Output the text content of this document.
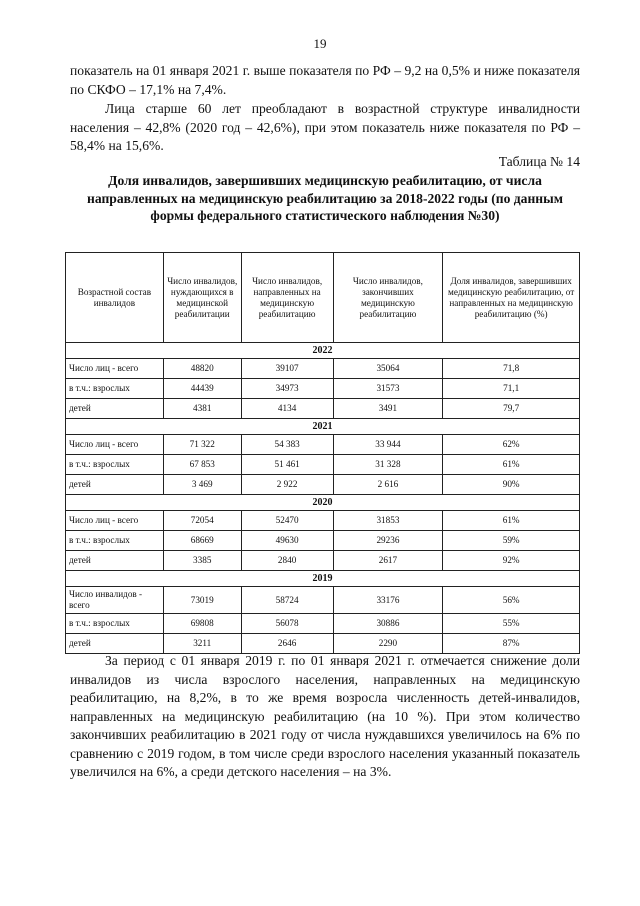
19

показатель на 01 января 2021 г. выше показателя по РФ – 9,2 на 0,5% и ниже показателя по СКФО – 17,1% на 7,4%.

Лица старше 60 лет преобладают в возрастной структуре инвалидности населения – 42,8% (2020 год – 42,6%), при этом показатель ниже показателя по РФ – 58,4% на 15,6%.

Таблица № 14

Доля инвалидов, завершивших медицинскую реабилитацию, от числа направленных на медицинскую реабилитацию за 2018-2022 годы (по данным формы федерального статистического наблюдения №30)

Возрастной состав инвалидов	Число инвалидов, нуждающихся в медицинской реабилитации	Число инвалидов, направленных на медицинскую реабилитацию	Число инвалидов, закончивших медицинскую реабилитацию	Доля инвалидов, завершивших медицинскую реабилитацию, от направленных на медицинскую реабилитацию (%)
2022				
Число лиц - всего	48820	39107	35064	71,8
в т.ч.: взрослых	44439	34973	31573	71,1
детей	4381	4134	3491	79,7
2021				
Число лиц - всего	71 322	54 383	33 944	62%
в т.ч.: взрослых	67 853	51 461	31 328	61%
детей	3 469	2 922	2 616	90%
2020				
Число лиц - всего	72054	52470	31853	61%
в т.ч.: взрослых	68669	49630	29236	59%
детей	3385	2840	2617	92%
2019				
Число инвалидов - всего	73019	58724	33176	56%
в т.ч.: взрослых	69808	56078	30886	55%
детей	3211	2646	2290	87%

За период с 01 января 2019 г. по 01 января 2021 г. отмечается снижение доли инвалидов из числа взрослого населения, направленных на медицинскую реабилитацию, на 8,2%, в то же время возросла численность детей-инвалидов, направленных на медицинскую реабилитацию (на 10 %). При этом количество закончивших реабилитацию в 2021 году от числа нуждавшихся увеличилось на 6% по сравнению с 2019 годом, в том числе среди взрослого населения указанный показатель увеличился на 6%, а среди детского населения – на 3%.
